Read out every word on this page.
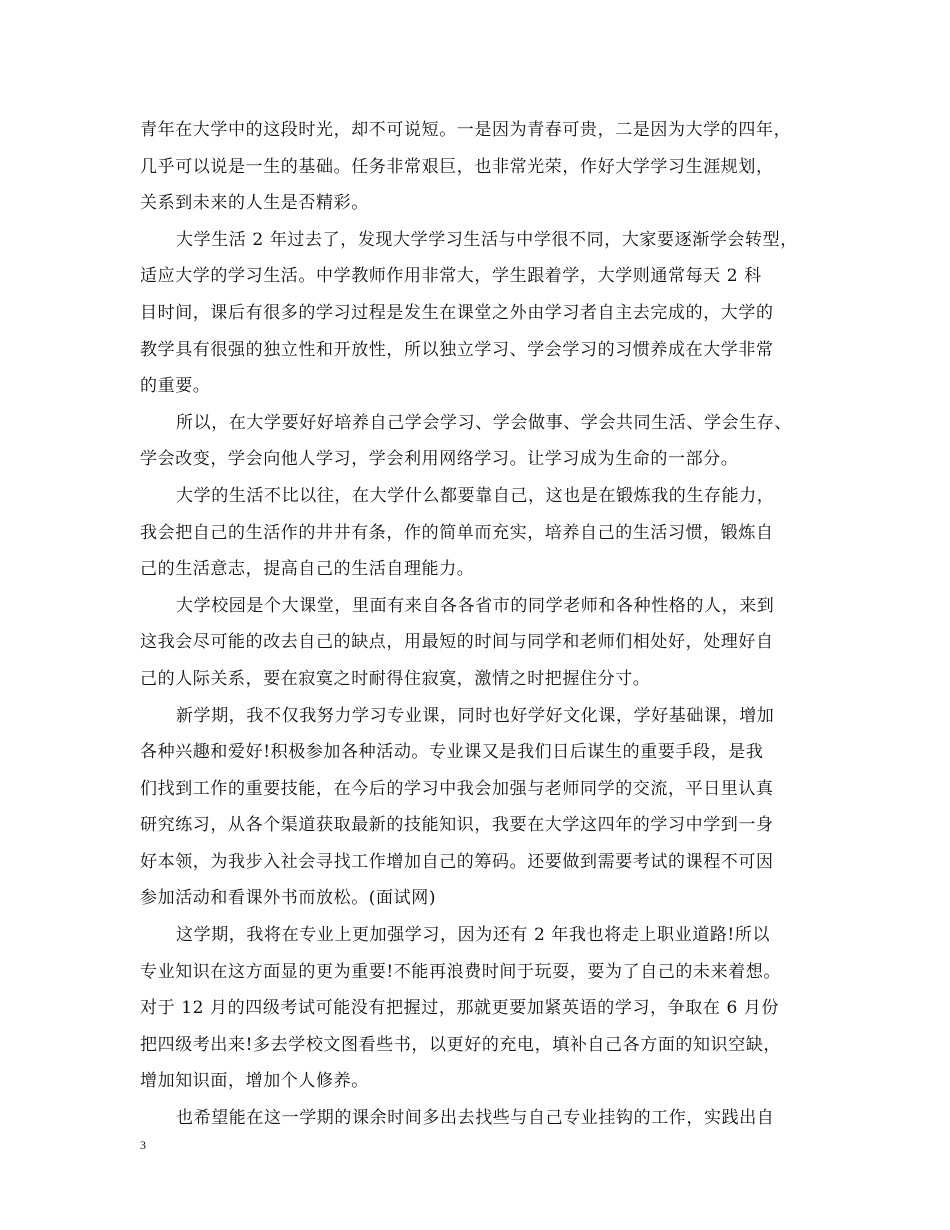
青年在大学中的这段时光，却不可说短。一是因为青春可贵，二是因为大学的四年，
几乎可以说是一生的基础。任务非常艰巨，也非常光荣，作好大学学习生涯规划，
关系到未来的人生是否精彩。
大学生活 2 年过去了，发现大学学习生活与中学很不同，大家要逐渐学会转型，
适应大学的学习生活。中学教师作用非常大，学生跟着学，大学则通常每天 2 科
目时间，课后有很多的学习过程是发生在课堂之外由学习者自主去完成的，大学的
教学具有很强的独立性和开放性，所以独立学习、学会学习的习惯养成在大学非常
的重要。
所以，在大学要好好培养自己学会学习、学会做事、学会共同生活、学会生存、
学会改变，学会向他人学习，学会利用网络学习。让学习成为生命的一部分。
大学的生活不比以往，在大学什么都要靠自己，这也是在锻炼我的生存能力，
我会把自己的生活作的井井有条，作的简单而充实，培养自己的生活习惯，锻炼自
己的生活意志，提高自己的生活自理能力。
大学校园是个大课堂，里面有来自各各省市的同学老师和各种性格的人，来到
这我会尽可能的改去自己的缺点，用最短的时间与同学和老师们相处好，处理好自
己的人际关系，要在寂寞之时耐得住寂寞，激情之时把握住分寸。
新学期，我不仅我努力学习专业课，同时也好学好文化课，学好基础课，增加
各种兴趣和爱好!积极参加各种活动。专业课又是我们日后谋生的重要手段，是我
们找到工作的重要技能，在今后的学习中我会加强与老师同学的交流，平日里认真
研究练习，从各个渠道获取最新的技能知识，我要在大学这四年的学习中学到一身
好本领，为我步入社会寻找工作增加自己的筹码。还要做到需要考试的课程不可因
参加活动和看课外书而放松。(面试网)
这学期，我将在专业上更加强学习，因为还有 2 年我也将走上职业道路!所以
专业知识在这方面显的更为重要!不能再浪费时间于玩耍，要为了自己的未来着想。
对于 12 月的四级考试可能没有把握过，那就更要加紧英语的学习，争取在 6 月份
把四级考出来!多去学校文图看些书，以更好的充电，填补自己各方面的知识空缺，
增加知识面，增加个人修养。
也希望能在这一学期的课余时间多出去找些与自己专业挂钩的工作，实践出自
3
